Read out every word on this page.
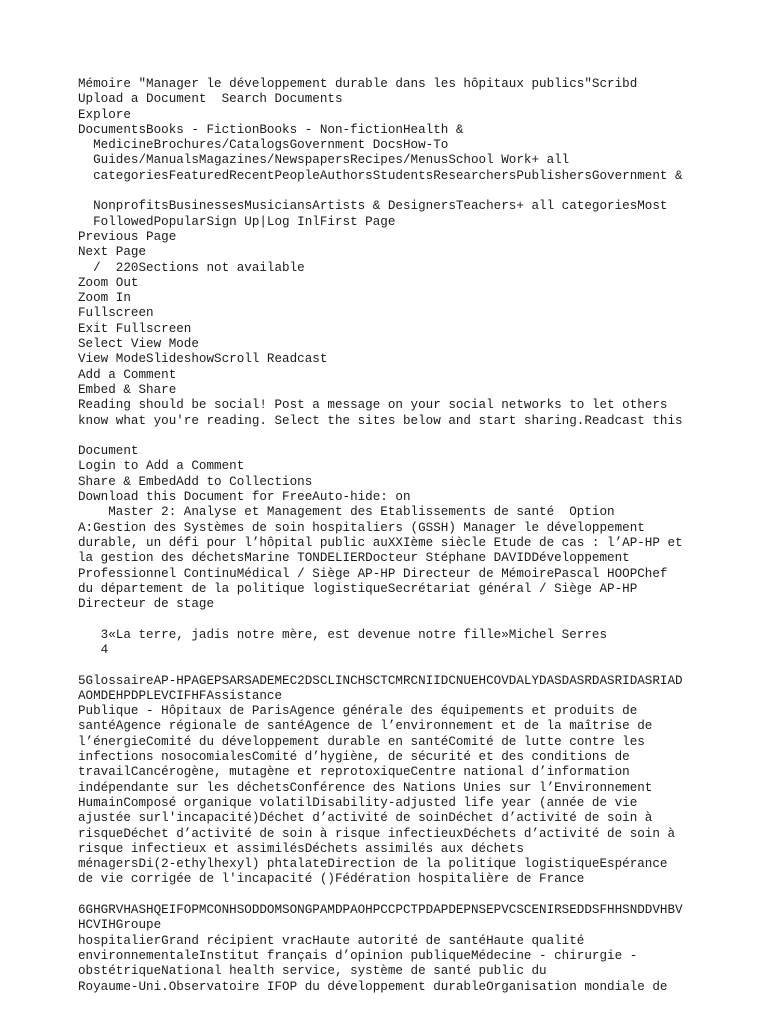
Mémoire "Manager le développement durable dans les hôpitaux publics"Scribd
Upload a Document  Search Documents
Explore
DocumentsBooks - FictionBooks - Non-fictionHealth &
MedicineBrochures/CatalogsGovernment DocsHow-To
Guides/ManualsMagazines/NewspapersRecipes/MenusSchool Work+ all
categoriesFeaturedRecentPeopleAuthorsStudentsResearchersPublishersGovernment &
NonprofitsBusinessesMusiciansArtists & DesignersTeachers+ all categoriesMost
FollowedPopularSign Up|Log InlFirst Page
Previous Page
Next Page
/  220Sections not available
Zoom Out
Zoom In
Fullscreen
Exit Fullscreen
Select View Mode
View ModeSlideshowScroll Readcast
Add a Comment
Embed & Share
Reading should be social! Post a message on your social networks to let others
know what you're reading. Select the sites below and start sharing.Readcast this
Document
Login to Add a Comment
Share & EmbedAdd to Collections
Download this Document for FreeAuto-hide: on
Master 2: Analyse et Management des Etablissements de santé  Option
A:Gestion des Systèmes de soin hospitaliers (GSSH) Manager le développement
durable, un défi pour l’hôpital public auXXIème siècle Etude de cas : l’AP-HP et
la gestion des déchetsMarine TONDELIERDocteur Stéphane DAVIDDéveloppement
Professionnel ContinuMédical / Siège AP-HP Directeur de MémoirePascal HOOPChef
du département de la politique logistiqueSecrétariat général / Siège AP-HP
Directeur de stage
3«La terre, jadis notre mère, est devenue notre fille»Michel Serres
4
5GlossaireAP-HPAGEPSARSADEMEC2DSCLINCHSCTCMRCNIIDCNUEHCOVDALYDASDASRDASRIDASRIAD
AOMDEHPDPLEVCIFHFAssistance
Publique - Hôpitaux de ParisAgence générale des équipements et produits de
santéAgence régionale de santéAgence de l’environnement et de la maîtrise de
l’énergieComité du développement durable en santéComité de lutte contre les
infections nosocomialesComité d’hygiène, de sécurité et des conditions de
travailCancérogène, mutagène et reprotoxiqueCentre national d’information
indépendante sur les déchetsConférence des Nations Unies sur l’Environnement
HumainComposé organique volatilDisability-adjusted life year (année de vie
ajustée surl'incapacité)Déchet d’activité de soinDéchet d’activité de soin à
risqueDéchet d’activité de soin à risque infectieuxDéchets d’activité de soin à
risque infectieux et assimilésDéchets assimilés aux déchets
ménagersDi(2-ethylhexyl) phtalateDirection de la politique logistiqueEspérance
de vie corrigée de l'incapacité ()Fédération hospitalière de France
6GHGRVHASHQEIFOPMCONHSODDOMSONGPAMDPAOHPCCPCTPDAPDEPNSEPVCSCENIRSEDDSFHHSNDDVHBV
HCVIHGroupe
hospitalierGrand récipient vracHaute autorité de santéHaute qualité
environnementaleInstitut français d’opinion publiqueMédecine - chirurgie -
obstétriqueNational health service, système de santé public du
Royaume-Uni.Observatoire IFOP du développement durableOrganisation mondiale de
